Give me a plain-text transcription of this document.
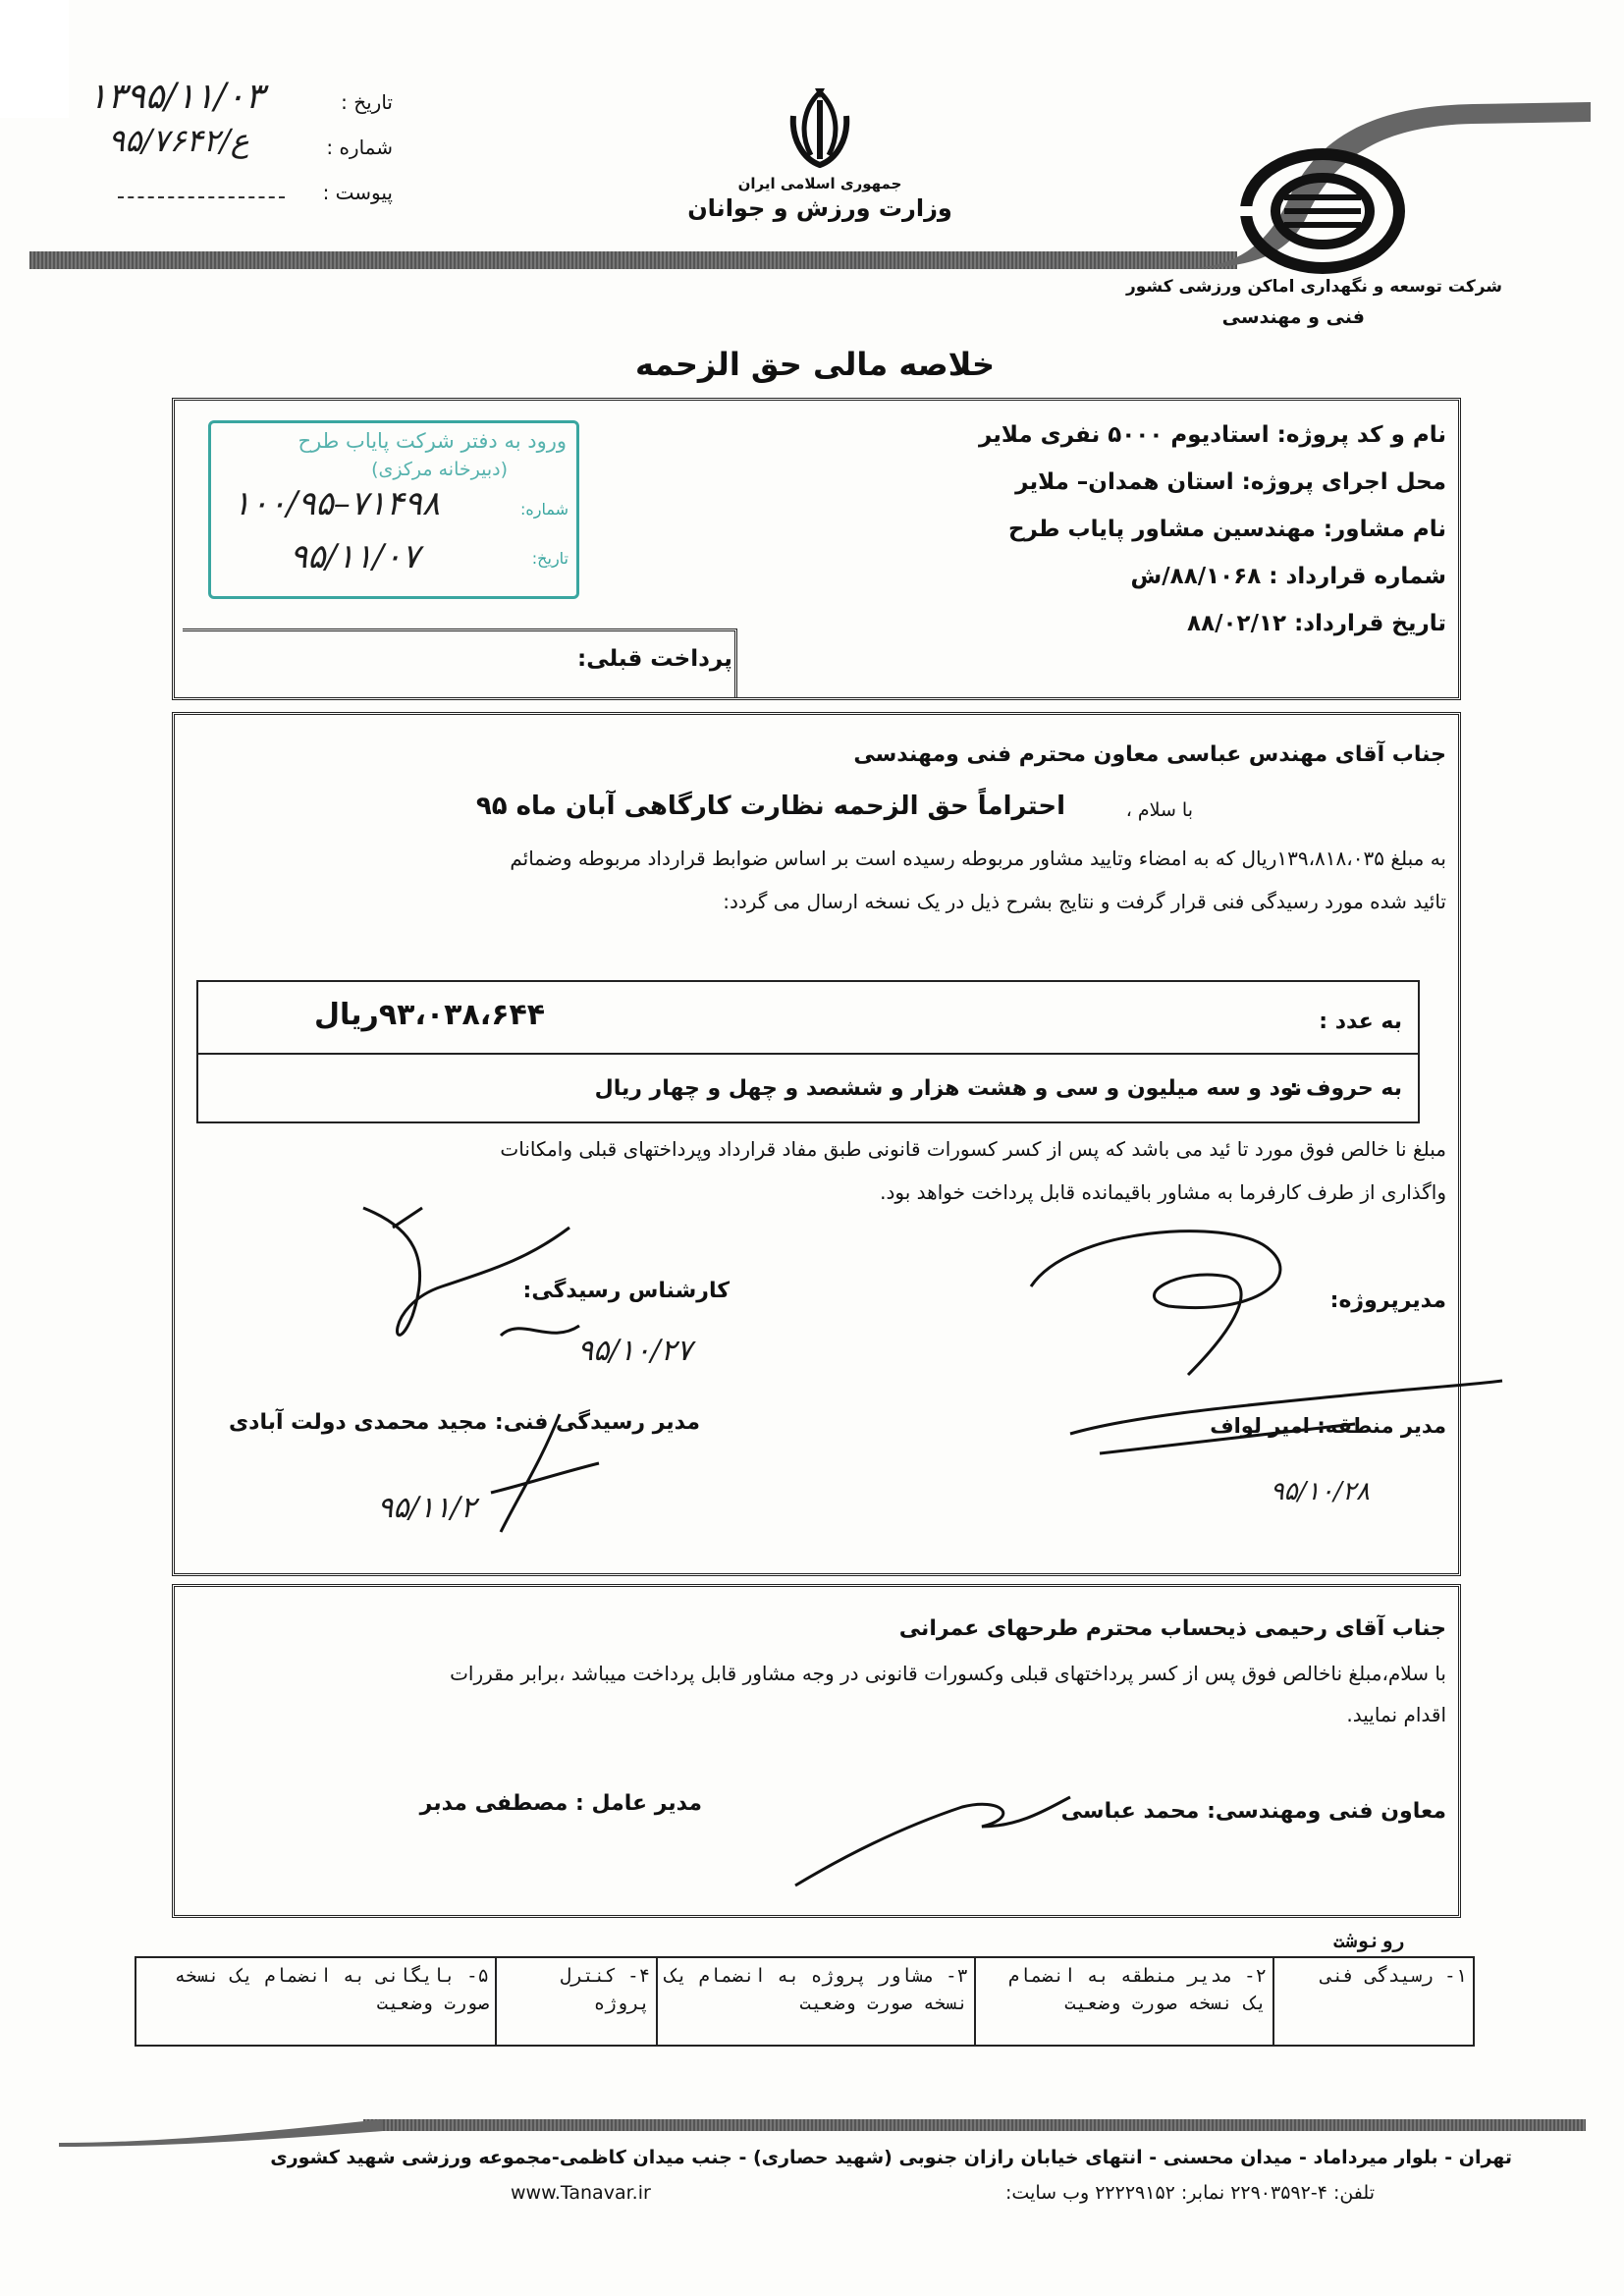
تاریخ :
۱۳۹۵/۱۱/۰۳
شماره :
۹۵/۷۶۴۲/ع
پیوست :	جمهوری اسلامی ایران
وزارت ورزش و جوانان
شرکت توسعه و نگهداری اماکن ورزشی کشور
فنی و مهندسی
خلاصه مالی حق الزحمه
نام و کد پروژه: استادیوم ۵۰۰۰ نفری ملایر
محل اجرای پروژه: استان همدان– ملایر
نام مشاور: مهندسین مشاور پایاب طرح
شماره قرارداد : ۸۸/۱۰۶۸/ش
تاریخ قرارداد: ۸۸/۰۲/۱۲
پرداخت قبلی:
ورود به دفتر شرکت پایاب طرح
(دبیرخانه مرکزی)
شماره:
۱۰۰/۹۵–۷۱۴۹۸
تاریخ:
۹۵/۱۱/۰۷
جناب آقای مهندس عباسی معاون محترم فنی ومهندسی
با سلام ،
احتراماً حق الزحمه نظارت کارگاهی آبان ماه ۹۵
به مبلغ ۱۳۹،۸۱۸،۰۳۵ریال که به امضاء وتایید مشاور مربوطه رسیده است بر اساس ضوابط قرارداد مربوطه وضمائم
تائید شده مورد رسیدگی فنی قرار گرفت و نتایج بشرح ذیل در یک نسخه ارسال می گردد:
به عدد :
۹۳،۰۳۸،۶۴۴ریال
به حروف :
نود و سه میلیون و سی و هشت هزار و ششصد و چهل و چهار ریال
مبلغ نا خالص فوق مورد تا ئید می باشد که پس از کسر کسورات قانونی طبق مفاد قرارداد وپرداختهای قبلی وامکانات
واگذاری از طرف کارفرما به مشاور باقیمانده قابل پرداخت خواهد بود.
مدیرپروژه:
کارشناس رسیدگی:
۹۵/۱۰/۲۷
مدیر رسیدگی فنی: مجید محمدی دولت آبادی
۹۵/۱۱/۲
مدیر منطقه: امیر لواف
۹۵/۱۰/۲۸
جناب آقای رحیمی ذیحساب محترم طرحهای عمرانی
با سلام،مبلغ ناخالص فوق پس از کسر پرداختهای قبلی وکسورات قانونی در وجه مشاور قابل پرداخت میباشد ،برابر مقررات
اقدام نمایید.
معاون فنی ومهندسی: محمد عباسی
مدیر عامل : مصطفی مدبر
رونوشت
۱- رسیدگی فنی	۲- مدیر منطقه به انضمام یک نسخه صورت وضعیت	۳- مشاور پروژه به انضمام یک نسخه صورت وضعیت	۴- کنترل پروژه	۵- بایگانی به انضمام یک نسخه صورت وضعیت
تهران - بلوار میرداماد - میدان محسنی - انتهای خیابان رازان جنوبی (شهید حصاری) - جنب میدان کاظمی-مجموعه ورزشی شهید کشوری
تلفن: ۴-۲۲۹۰۳۵۹۲ نمابر: ۲۲۲۲۹۱۵۲ وب سایت:
www.Tanavar.ir
